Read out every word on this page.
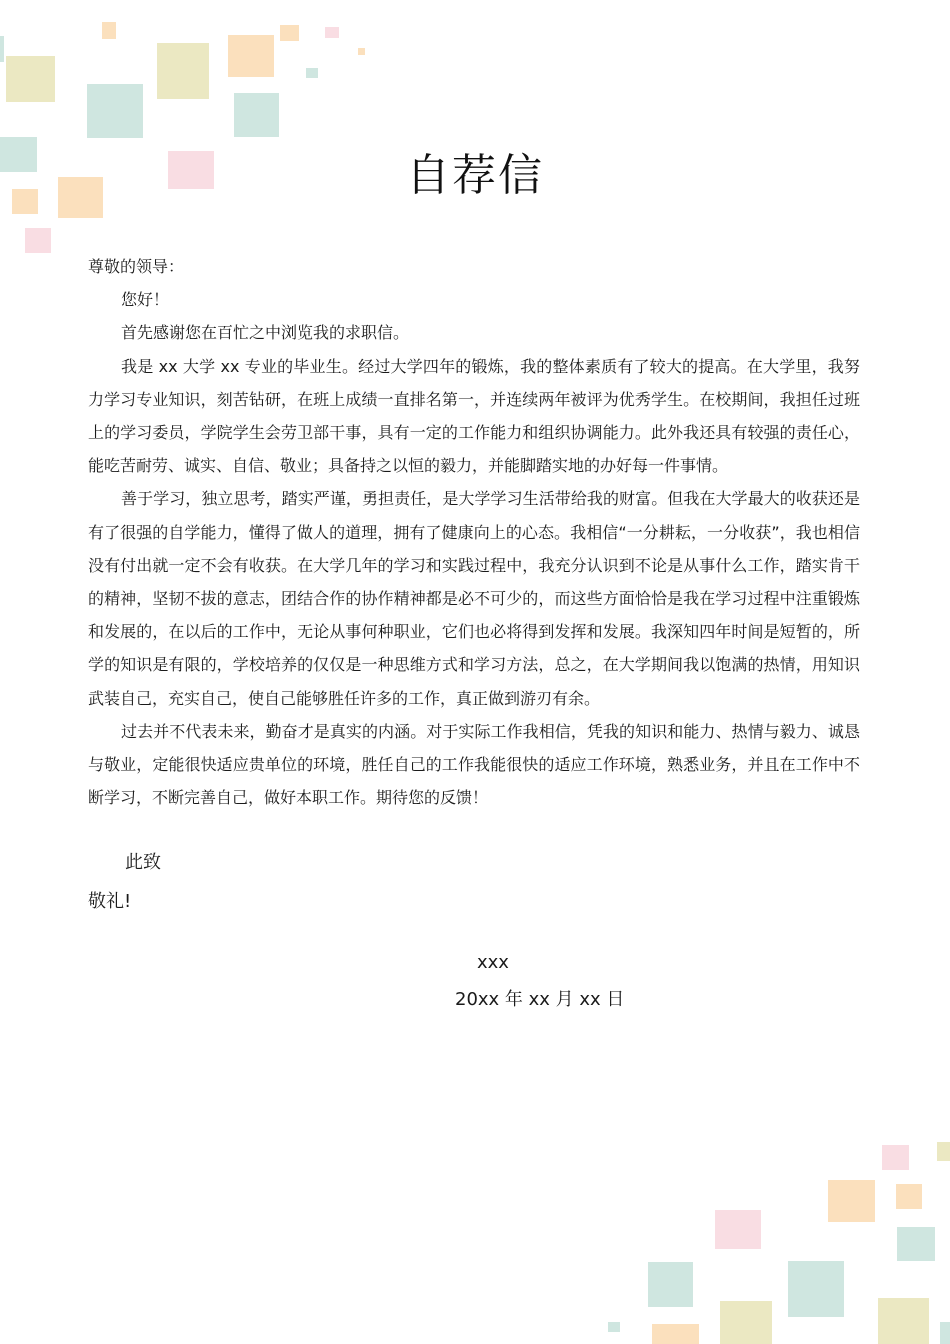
自荐信

尊敬的领导：

您好！

首先感谢您在百忙之中浏览我的求职信。

我是 xx 大学 xx 专业的毕业生。经过大学四年的锻炼，我的整体素质有了较大的提高。在大学里，我努力学习专业知识，刻苦钻研，在班上成绩一直排名第一，并连续两年被评为优秀学生。在校期间，我担任过班上的学习委员，学院学生会劳卫部干事，具有一定的工作能力和组织协调能力。此外我还具有较强的责任心，能吃苦耐劳、诚实、自信、敬业；具备持之以恒的毅力，并能脚踏实地的办好每一件事情。

善于学习，独立思考，踏实严谨，勇担责任，是大学学习生活带给我的财富。但我在大学最大的收获还是有了很强的自学能力，懂得了做人的道理，拥有了健康向上的心态。我相信“一分耕耘，一分收获”，我也相信没有付出就一定不会有收获。在大学几年的学习和实践过程中，我充分认识到不论是从事什么工作，踏实肯干的精神，坚韧不拔的意志，团结合作的协作精神都是必不可少的，而这些方面恰恰是我在学习过程中注重锻炼和发展的，在以后的工作中，无论从事何种职业，它们也必将得到发挥和发展。我深知四年时间是短暂的，所学的知识是有限的，学校培养的仅仅是一种思维方式和学习方法，总之，在大学期间我以饱满的热情，用知识武装自己，充实自己，使自己能够胜任许多的工作，真正做到游刃有余。

过去并不代表未来，勤奋才是真实的内涵。对于实际工作我相信，凭我的知识和能力、热情与毅力、诚恳与敬业，定能很快适应贵单位的环境，胜任自己的工作我能很快的适应工作环境，熟悉业务，并且在工作中不断学习，不断完善自己，做好本职工作。期待您的反馈！

此致
敬礼!
xxx
20xx 年 xx 月 xx 日
